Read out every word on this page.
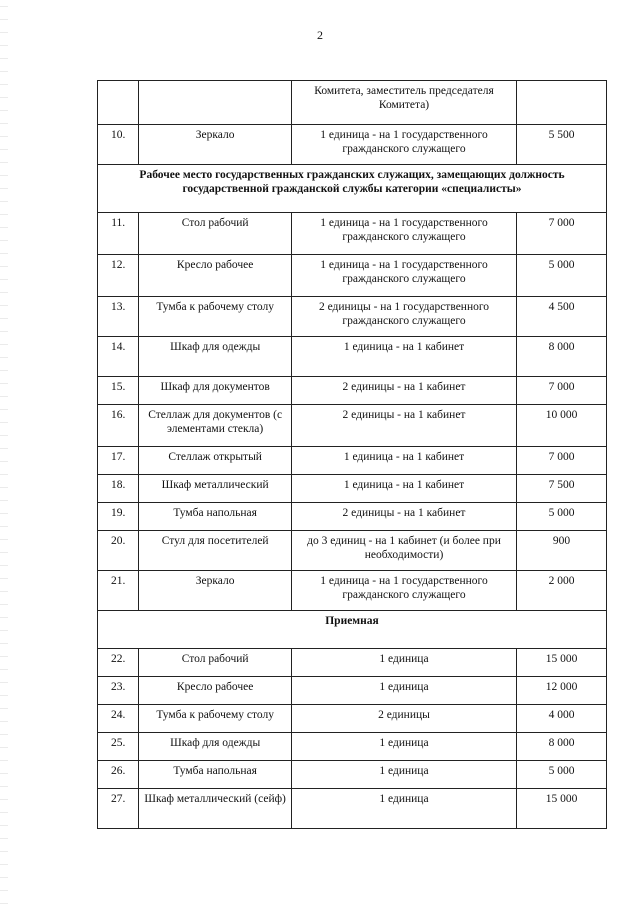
2
		Комитета, заместитель председателя Комитета)	
10.	Зеркало	1 единица - на 1 государственного гражданского служащего	5 500
Рабочее место государственных гражданских служащих, замещающих должность государственной гражданской службы категории «специалисты»			
11.	Стол рабочий	1 единица - на 1 государственного гражданского служащего	7 000
12.	Кресло рабочее	1 единица - на 1 государственного гражданского служащего	5 000
13.	Тумба к рабочему столу	2 единицы - на 1 государственного гражданского служащего	4 500
14.	Шкаф для одежды	1 единица - на 1 кабинет	8 000
15.	Шкаф для документов	2 единицы - на 1 кабинет	7 000
16.	Стеллаж для документов (с элементами стекла)	2 единицы - на 1 кабинет	10 000
17.	Стеллаж открытый	1 единица - на 1 кабинет	7 000
18.	Шкаф металлический	1 единица - на 1 кабинет	7 500
19.	Тумба напольная	2 единицы - на 1 кабинет	5 000
20.	Стул для посетителей	до 3 единиц - на 1 кабинет (и более при необходимости)	900
21.	Зеркало	1 единица - на 1 государственного гражданского служащего	2 000
Приемная			
22.	Стол рабочий	1 единица	15 000
23.	Кресло рабочее	1 единица	12 000
24.	Тумба к рабочему столу	2 единицы	4 000
25.	Шкаф для одежды	1 единица	8 000
26.	Тумба напольная	1 единица	5 000
27.	Шкаф металлический (сейф)	1 единица	15 000
